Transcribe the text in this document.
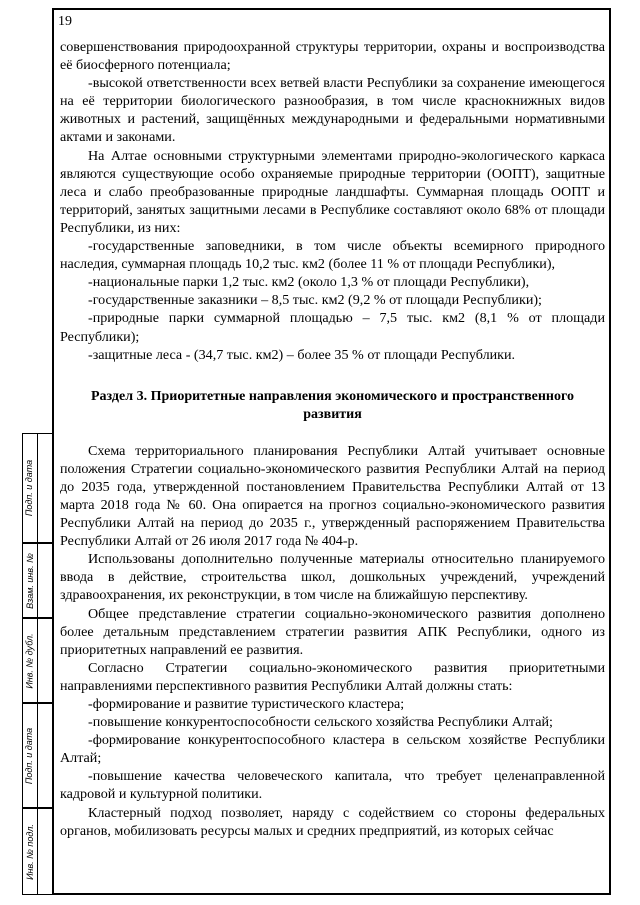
Подп. и дата
Взам. инв. №
Инв. № дубл.
Подп. и дата
Инв. № подл.
19

совершенствования природоохранной структуры территории, охраны и воспроизводства её биосферного потенциала;

-высокой ответственности всех ветвей власти Республики за сохранение имеющегося на её территории биологического разнообразия, в том числе краснокнижных видов животных и растений, защищённых международными и федеральными нормативными актами и законами.

На Алтае основными структурными элементами природно-экологического каркаса являются существующие особо охраняемые природные территории (ООПТ), защитные леса и слабо преобразованные природные ландшафты. Суммарная площадь ООПТ и территорий, занятых защитными лесами в Республике составляют около 68% от площади Республики, из них:

-государственные заповедники, в том числе объекты всемирного природного наследия, суммарная площадь 10,2 тыс. км2 (более 11 % от площади Республики),

-национальные парки 1,2 тыс. км2 (около 1,3 % от площади Республики),

-государственные заказники – 8,5 тыс. км2 (9,2 % от площади Республики);

-природные парки суммарной площадью – 7,5 тыс. км2 (8,1 % от площади Республики);

-защитные леса - (34,7 тыс. км2) – более 35 % от площади Республики.

Раздел 3. Приоритетные направления экономического и пространственного развития

Схема территориального планирования Республики Алтай учитывает основные положения Стратегии социально-экономического развития Республики Алтай на период до 2035 года, утвержденной постановлением Правительства Республики Алтай от 13 марта 2018 года № 60. Она опирается на прогноз социально-экономического развития Республики Алтай на период до 2035 г., утвержденный распоряжением Правительства Республики Алтай от 26 июля 2017 года № 404-р.

Использованы дополнительно полученные материалы относительно планируемого ввода в действие, строительства школ, дошкольных учреждений, учреждений здравоохранения, их реконструкции, в том числе на ближайшую перспективу.

Общее представление стратегии социально-экономического развития дополнено более детальным представлением стратегии развития АПК Республики, одного из приоритетных направлений ее развития.

Согласно Стратегии социально-экономического развития приоритетными направлениями перспективного развития Республики Алтай должны стать:

-формирование и развитие туристического кластера;

-повышение конкурентоспособности сельского хозяйства Республики Алтай;

-формирование конкурентоспособного кластера в сельском хозяйстве Республики Алтай;

-повышение качества человеческого капитала, что требует целенаправленной кадровой и культурной политики.

Кластерный подход позволяет, наряду с содействием со стороны федеральных органов, мобилизовать ресурсы малых и средних предприятий, из которых сейчас
